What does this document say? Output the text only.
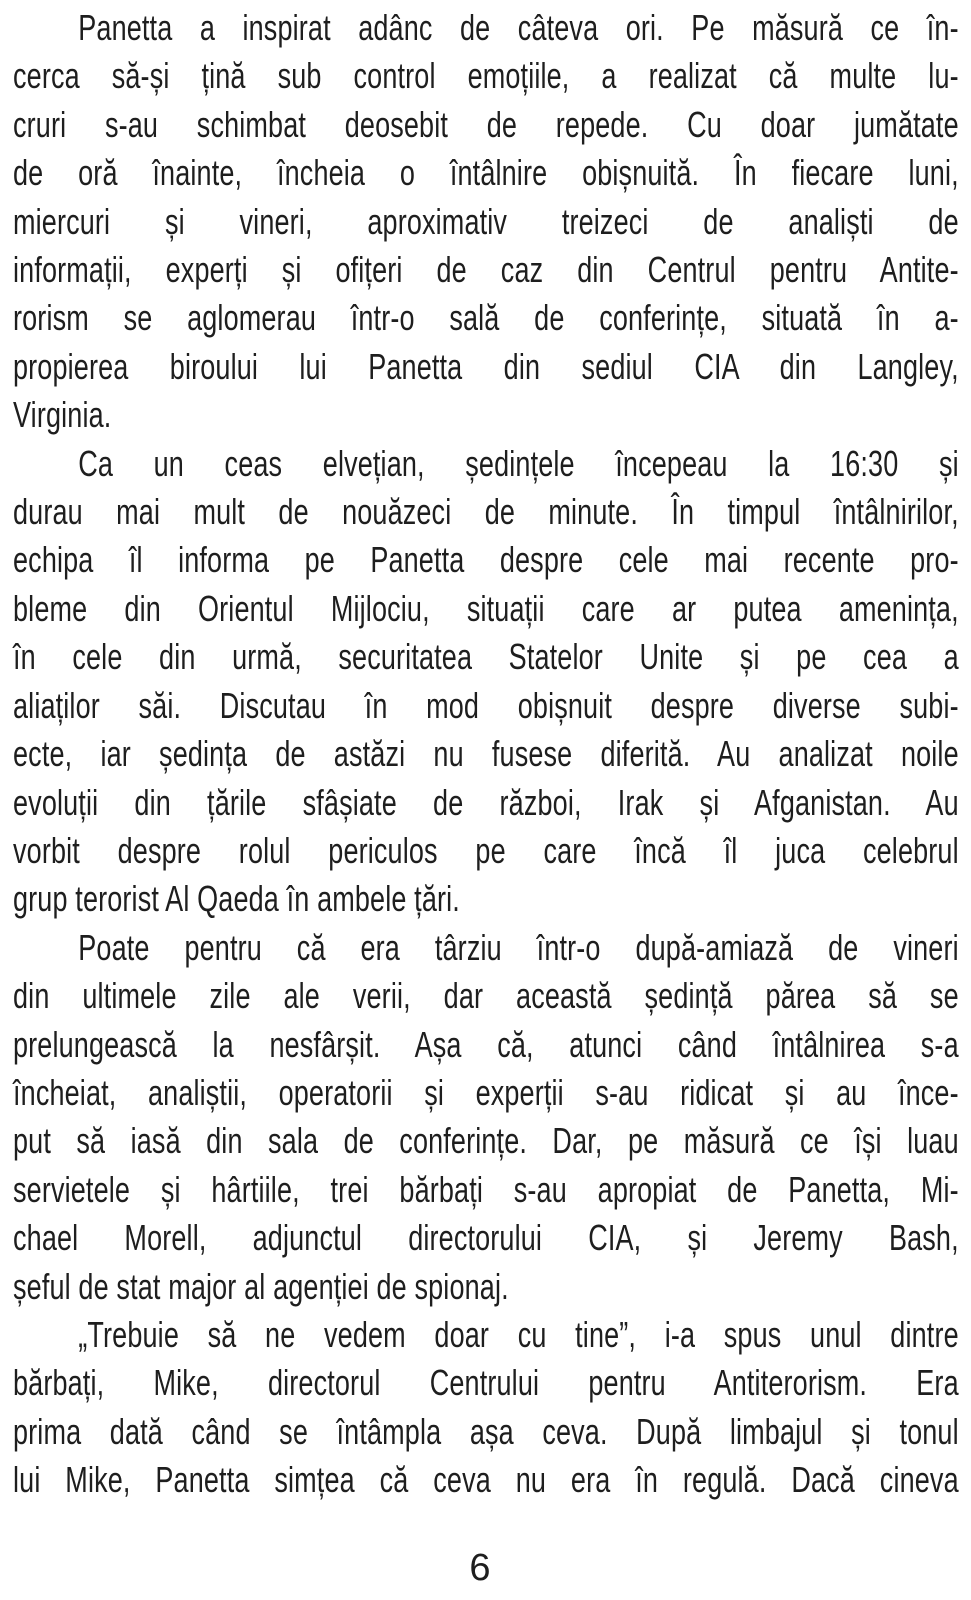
Panetta a inspirat adânc de câteva ori. Pe măsură ce în-
cerca să-și țină sub control emoțiile, a realizat că multe lu-
cruri s-au schimbat deosebit de repede. Cu doar jumătate
de oră înainte, încheia o întâlnire obișnuită. În fiecare luni,
miercuri și vineri, aproximativ treizeci de analiști de
informații, experți și ofițeri de caz din Centrul pentru Antite-
rorism se aglomerau într-o sală de conferințe, situată în a-
propierea biroului lui Panetta din sediul CIA din Langley,
Virginia.

Ca un ceas elvețian, ședințele începeau la 16:30 și
durau mai mult de nouăzeci de minute. În timpul întâlnirilor,
echipa îl informa pe Panetta despre cele mai recente pro-
bleme din Orientul Mijlociu, situații care ar putea amenința,
în cele din urmă, securitatea Statelor Unite și pe cea a
aliaților săi. Discutau în mod obișnuit despre diverse subi-
ecte, iar ședința de astăzi nu fusese diferită. Au analizat noile
evoluții din țările sfâșiate de război, Irak și Afganistan. Au
vorbit despre rolul periculos pe care încă îl juca celebrul
grup terorist Al Qaeda în ambele țări.

Poate pentru că era târziu într-o după-amiază de vineri
din ultimele zile ale verii, dar această ședință părea să se
prelungească la nesfârșit. Așa că, atunci când întâlnirea s-a
încheiat, analiștii, operatorii și experții s-au ridicat și au înce-
put să iasă din sala de conferințe. Dar, pe măsură ce își luau
servietele și hârtiile, trei bărbați s-au apropiat de Panetta, Mi-
chael Morell, adjunctul directorului CIA, și Jeremy Bash,
șeful de stat major al agenției de spionaj.

„Trebuie să ne vedem doar cu tine”, i-a spus unul dintre
bărbați, Mike, directorul Centrului pentru Antiterorism. Era
prima dată când se întâmpla așa ceva. După limbajul și tonul
lui Mike, Panetta simțea că ceva nu era în regulă. Dacă cineva

6
